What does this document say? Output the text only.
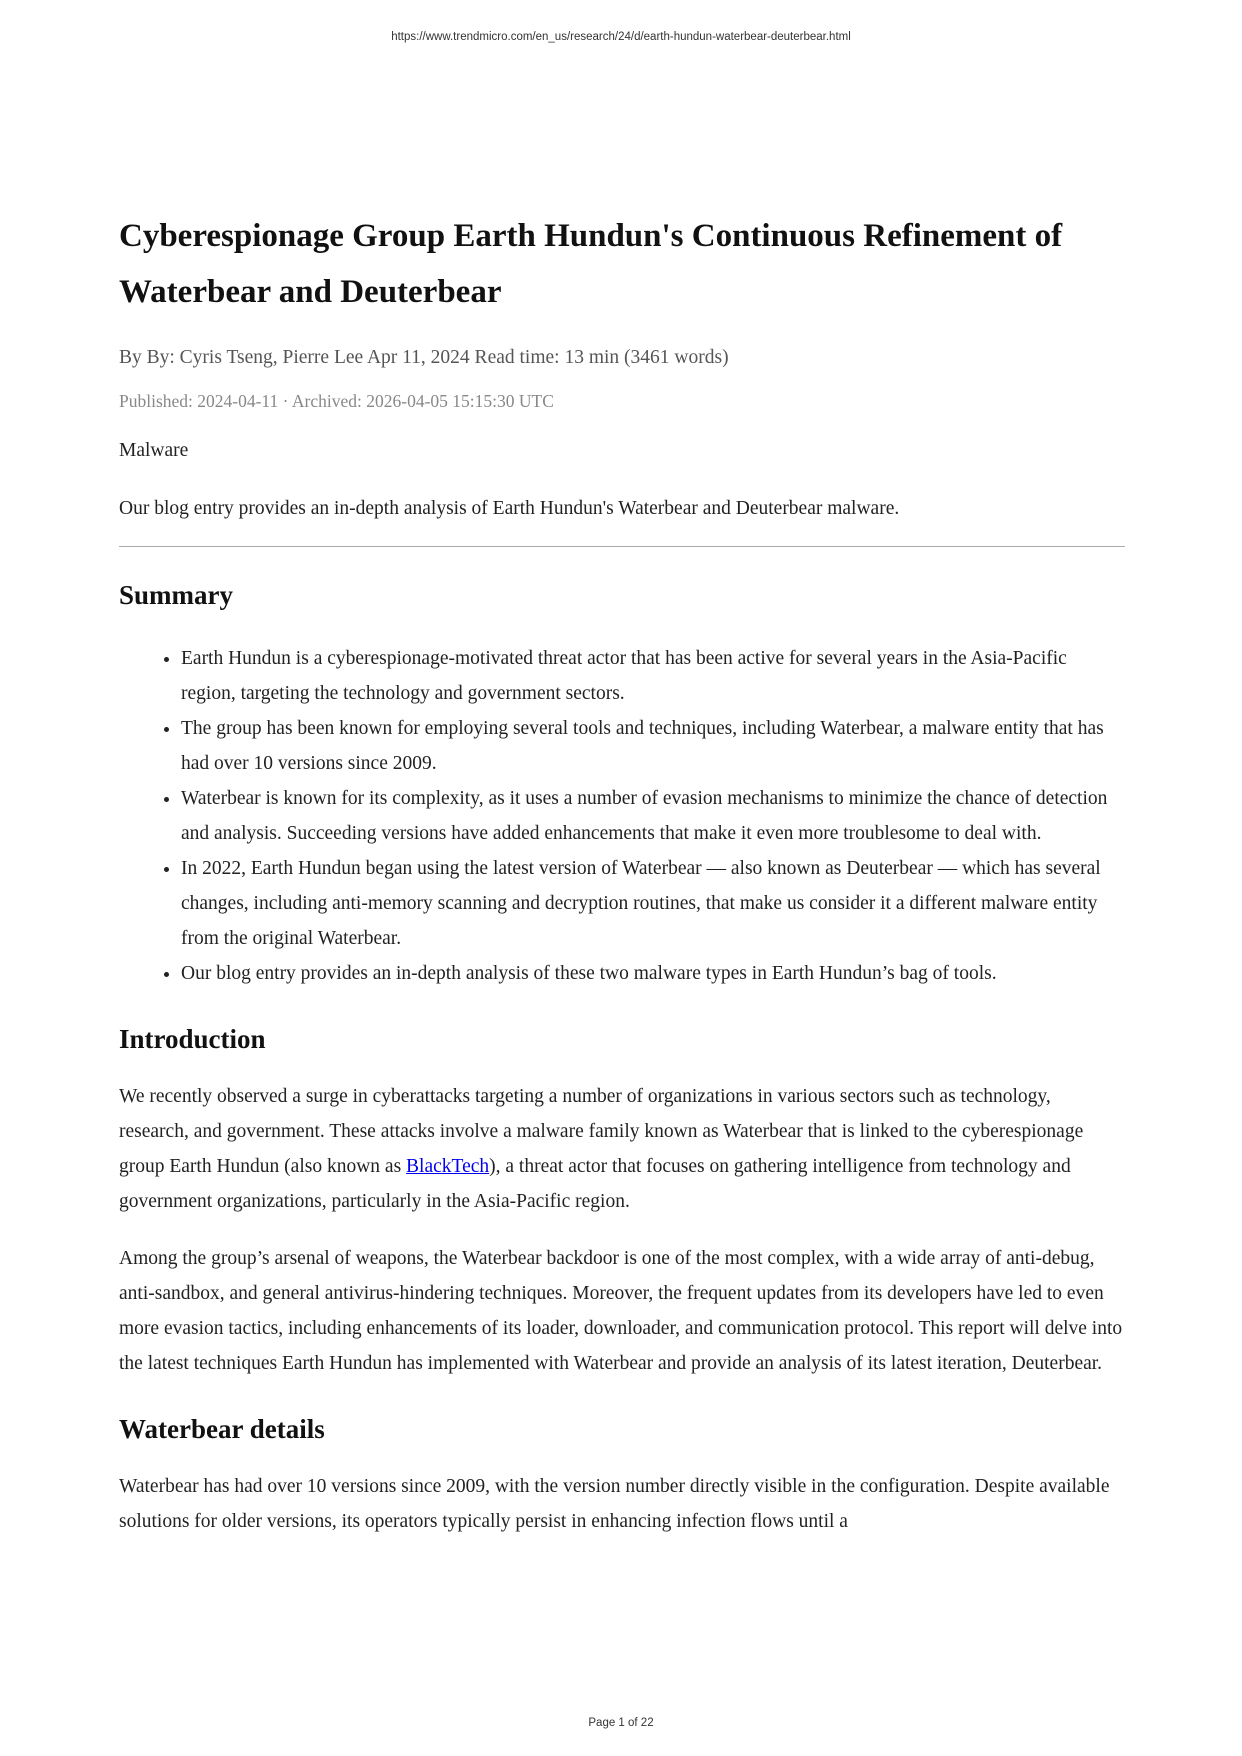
https://www.trendmicro.com/en_us/research/24/d/earth-hundun-waterbear-deuterbear.html
Cyberespionage Group Earth Hundun's Continuous Refinement of Waterbear and Deuterbear

By By: Cyris Tseng, Pierre Lee Apr 11, 2024 Read time: 13 min (3461 words)

Published: 2024-04-11 · Archived: 2026-04-05 15:15:30 UTC

Malware

Our blog entry provides an in-depth analysis of Earth Hundun's Waterbear and Deuterbear malware.

Summary
• Earth Hundun is a cyberespionage-motivated threat actor that has been active for several years in the Asia-Pacific region, targeting the technology and government sectors.
• The group has been known for employing several tools and techniques, including Waterbear, a malware entity that has had over 10 versions since 2009.
• Waterbear is known for its complexity, as it uses a number of evasion mechanisms to minimize the chance of detection and analysis. Succeeding versions have added enhancements that make it even more troublesome to deal with.
• In 2022, Earth Hundun began using the latest version of Waterbear — also known as Deuterbear — which has several changes, including anti-memory scanning and decryption routines, that make us consider it a different malware entity from the original Waterbear.
• Our blog entry provides an in-depth analysis of these two malware types in Earth Hundun’s bag of tools.
Introduction

We recently observed a surge in cyberattacks targeting a number of organizations in various sectors such as technology, research, and government. These attacks involve a malware family known as Waterbear that is linked to the cyberespionage group Earth Hundun (also known as BlackTech), a threat actor that focuses on gathering intelligence from technology and government organizations, particularly in the Asia-Pacific region.

Among the group’s arsenal of weapons, the Waterbear backdoor is one of the most complex, with a wide array of anti-debug, anti-sandbox, and general antivirus-hindering techniques. Moreover, the frequent updates from its developers have led to even more evasion tactics, including enhancements of its loader, downloader, and communication protocol. This report will delve into the latest techniques Earth Hundun has implemented with Waterbear and provide an analysis of its latest iteration, Deuterbear.

Waterbear details

Waterbear has had over 10 versions since 2009, with the version number directly visible in the configuration. Despite available solutions for older versions, its operators typically persist in enhancing infection flows until a

Page 1 of 22
